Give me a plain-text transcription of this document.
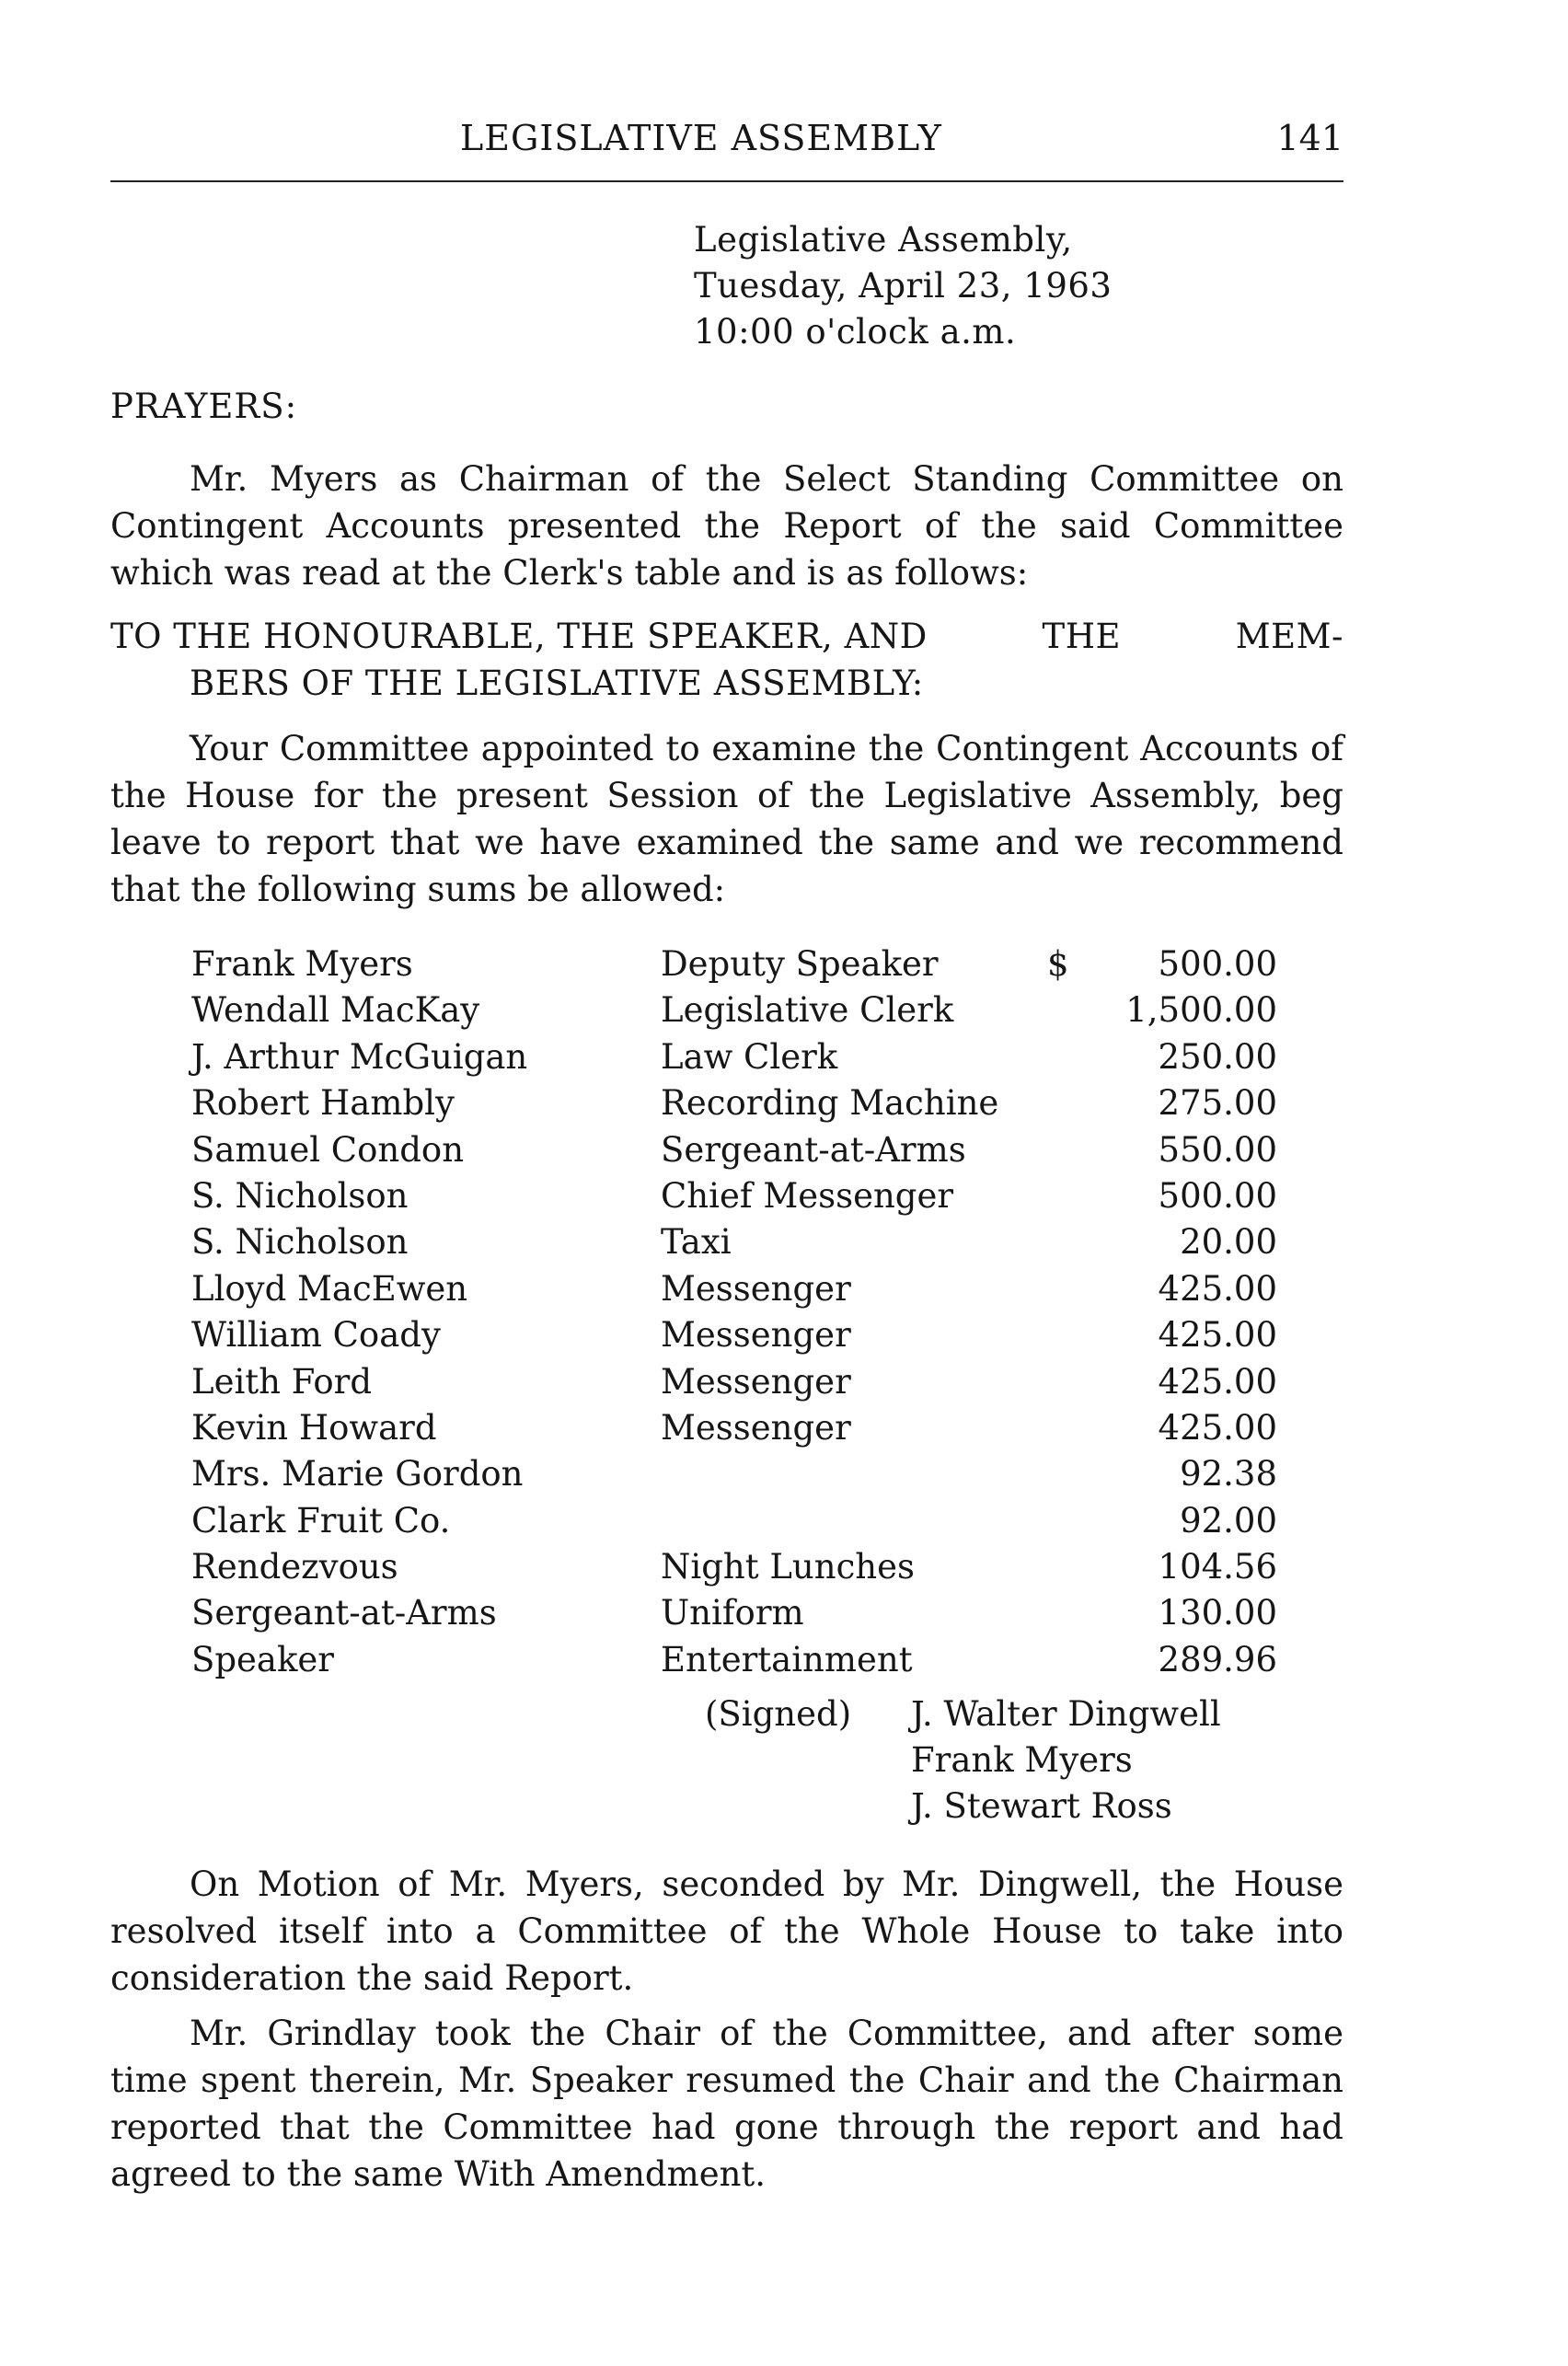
LEGISLATIVE ASSEMBLY	141
Legislative Assembly,
Tuesday, April 23, 1963
10:00 o'clock a.m.
PRAYERS:

Mr. Myers as Chairman of the Select Standing Committee on Contingent Accounts presented the Report of the said Committee which was read at the Clerk's table and is as follows:

TO THE HONOURABLE, THE SPEAKER, AND	THE	MEM-
BERS OF THE LEGISLATIVE ASSEMBLY:

Your Committee appointed to examine the Contingent Accounts of the House for the present Session of the Legislative Assembly, beg leave to report that we have examined the same and we recommend that the following sums be allowed:

Frank Myers	Deputy Speaker	$	500.00
Wendall MacKay	Legislative Clerk		1,500.00
J. Arthur McGuigan	Law Clerk		250.00
Robert Hambly	Recording Machine		275.00
Samuel Condon	Sergeant-at-Arms		550.00
S. Nicholson	Chief Messenger		500.00
S. Nicholson	Taxi		20.00
Lloyd MacEwen	Messenger		425.00
William Coady	Messenger		425.00
Leith Ford	Messenger		425.00
Kevin Howard	Messenger		425.00
Mrs. Marie Gordon			92.38
Clark Fruit Co.			92.00
Rendezvous	Night Lunches		104.56
Sergeant-at-Arms	Uniform		130.00
Speaker	Entertainment		289.96
(Signed) J. Walter Dingwell
Frank Myers
J. Stewart Ross

On Motion of Mr. Myers, seconded by Mr. Dingwell, the House resolved itself into a Committee of the Whole House to take into consideration the said Report.

Mr. Grindlay took the Chair of the Committee, and after some time spent therein, Mr. Speaker resumed the Chair and the Chairman reported that the Committee had gone through the report and had agreed to the same With Amendment.
